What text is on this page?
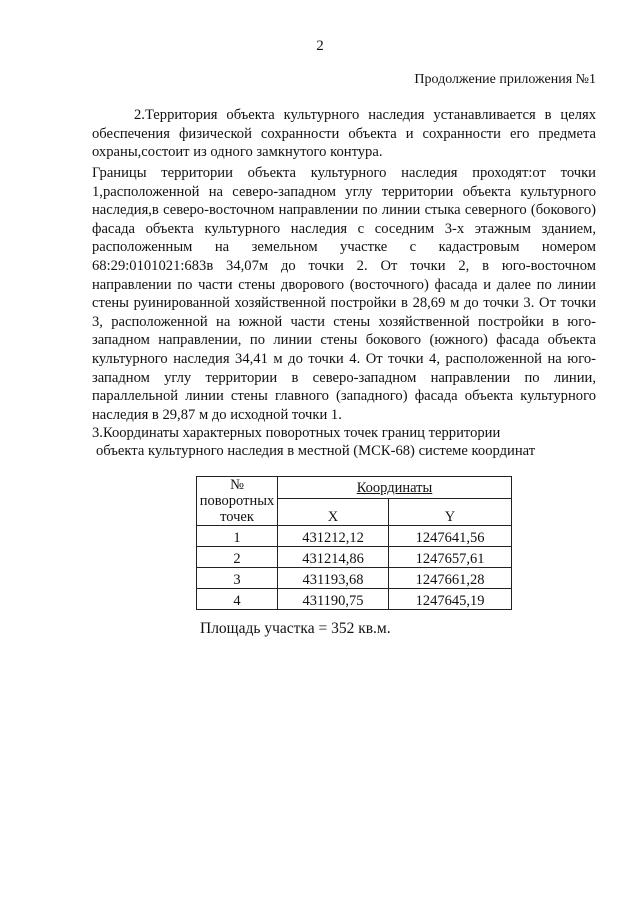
2
Продолжение приложения №1
2.Территория объекта культурного наследия устанавливается в целях обеспечения физической сохранности объекта и сохранности его предмета охраны,состоит из одного замкнутого контура.
Границы территории объекта культурного наследия проходят:от точки 1,расположенной на северо-западном углу территории объекта культурного наследия,в северо-восточном направлении по линии стыка северного (бокового) фасада объекта культурного наследия с соседним 3-х этажным зданием, расположенным на земельном участке с кадастровым номером 68:29:0101021:683в 34,07м до точки 2. От точки 2, в юго-восточном направлении по части стены дворового (восточного) фасада и далее по линии стены руинированной хозяйственной постройки в 28,69 м до точки 3. От точки 3, расположенной на южной части стены хозяйственной постройки в юго-западном направлении, по линии стены бокового (южного) фасада объекта культурного наследия 34,41 м до точки 4. От точки 4, расположенной на юго-западном углу территории в северо-западном направлении по линии, параллельной линии стены главного (западного) фасада объекта культурного наследия в 29,87 м до исходной точки 1.
3.Координаты характерных поворотных точек границ территории
объекта культурного наследия в местной (МСК-68) системе координат
№ поворотных точек	Координаты	
	X	Y
1	431212,12	1247641,56
2	431214,86	1247657,61
3	431193,68	1247661,28
4	431190,75	1247645,19
Площадь участка = 352 кв.м.
